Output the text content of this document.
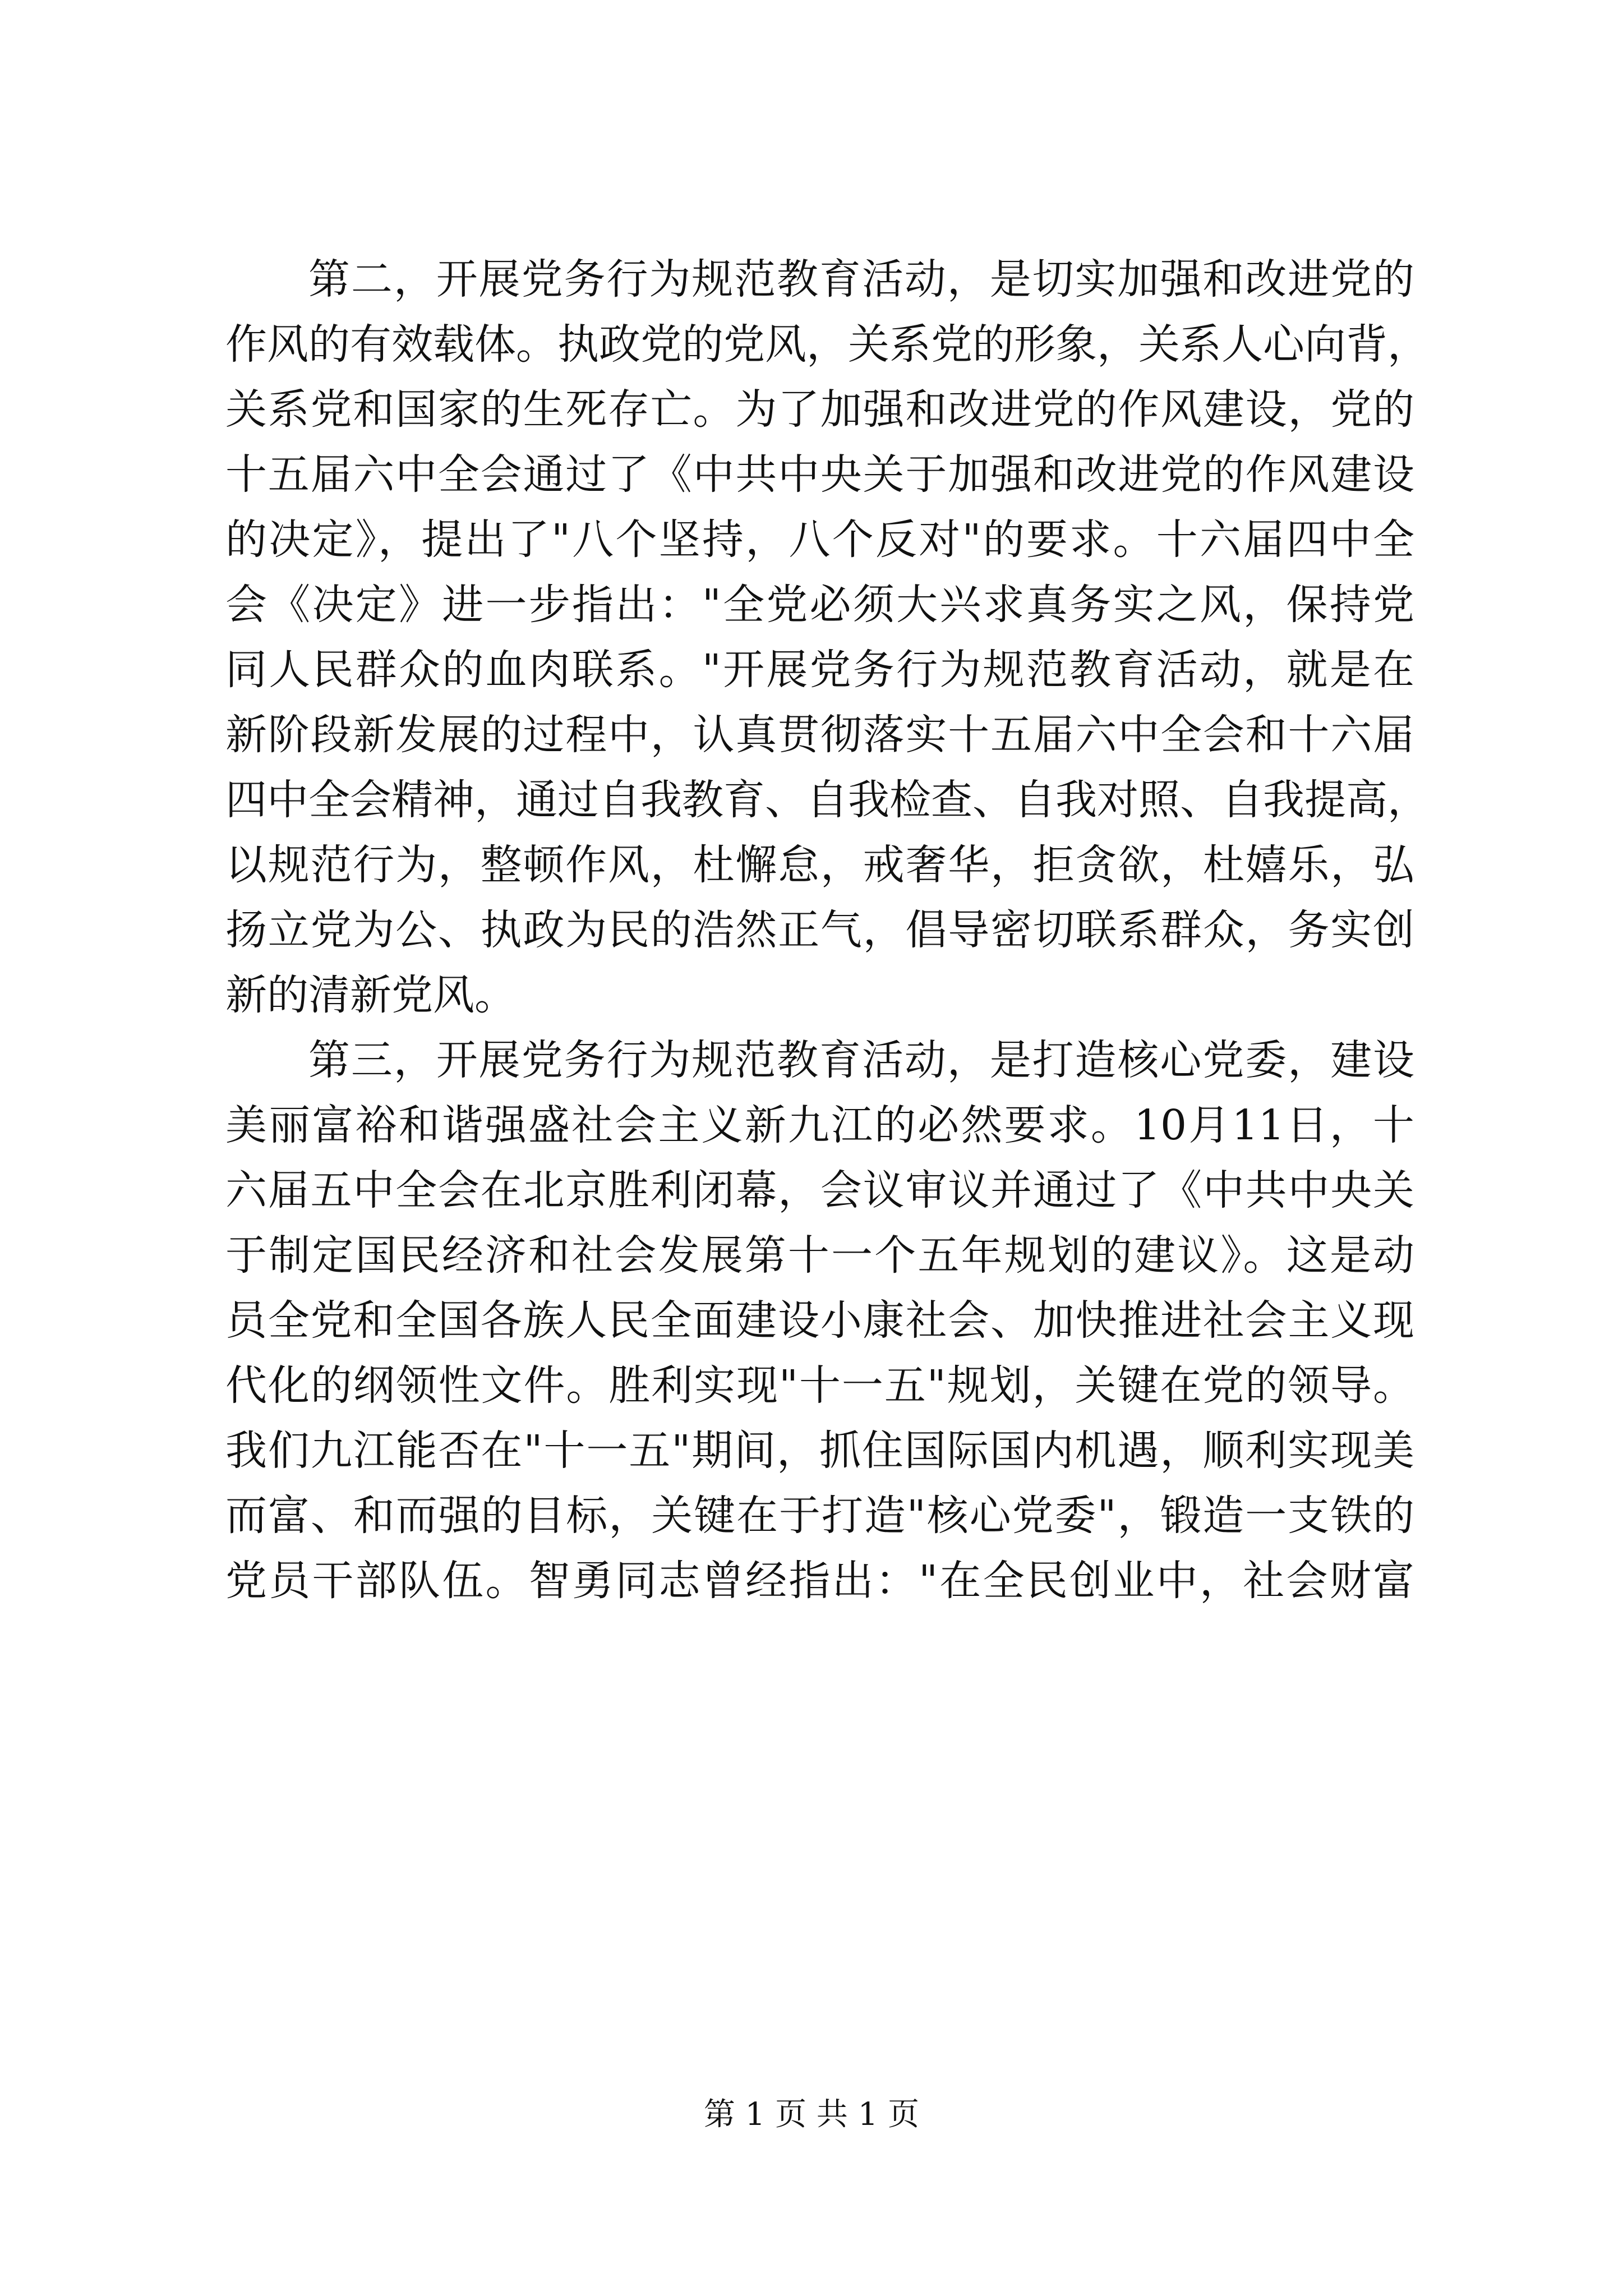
第二，开展党务行为规范教育活动，是切实加强和改进党的
作风的有效载体。执政党的党风，关系党的形象，关系人心向背，
关系党和国家的生死存亡。为了加强和改进党的作风建设，党的
十五届六中全会通过了《中共中央关于加强和改进党的作风建设
的决定》，提出了"八个坚持，八个反对"的要求。十六届四中全
会《决定》进一步指出："全党必须大兴求真务实之风，保持党
同人民群众的血肉联系。"开展党务行为规范教育活动，就是在
新阶段新发展的过程中，认真贯彻落实十五届六中全会和十六届
四中全会精神，通过自我教育、自我检查、自我对照、自我提高，
以规范行为，整顿作风，杜懈怠，戒奢华，拒贪欲，杜嬉乐，弘
扬立党为公、执政为民的浩然正气，倡导密切联系群众，务实创
新的清新党风。
第三，开展党务行为规范教育活动，是打造核心党委，建设
美丽富裕和谐强盛社会主义新九江的必然要求。10月11日，十
六届五中全会在北京胜利闭幕，会议审议并通过了《中共中央关
于制定国民经济和社会发展第十一个五年规划的建议》。这是动
员全党和全国各族人民全面建设小康社会、加快推进社会主义现
代化的纲领性文件。胜利实现"十一五"规划，关键在党的领导。
我们九江能否在"十一五"期间，抓住国际国内机遇，顺利实现美
而富、和而强的目标，关键在于打造"核心党委"，锻造一支铁的
党员干部队伍。智勇同志曾经指出："在全民创业中，社会财富
第 1 页 共 1 页
